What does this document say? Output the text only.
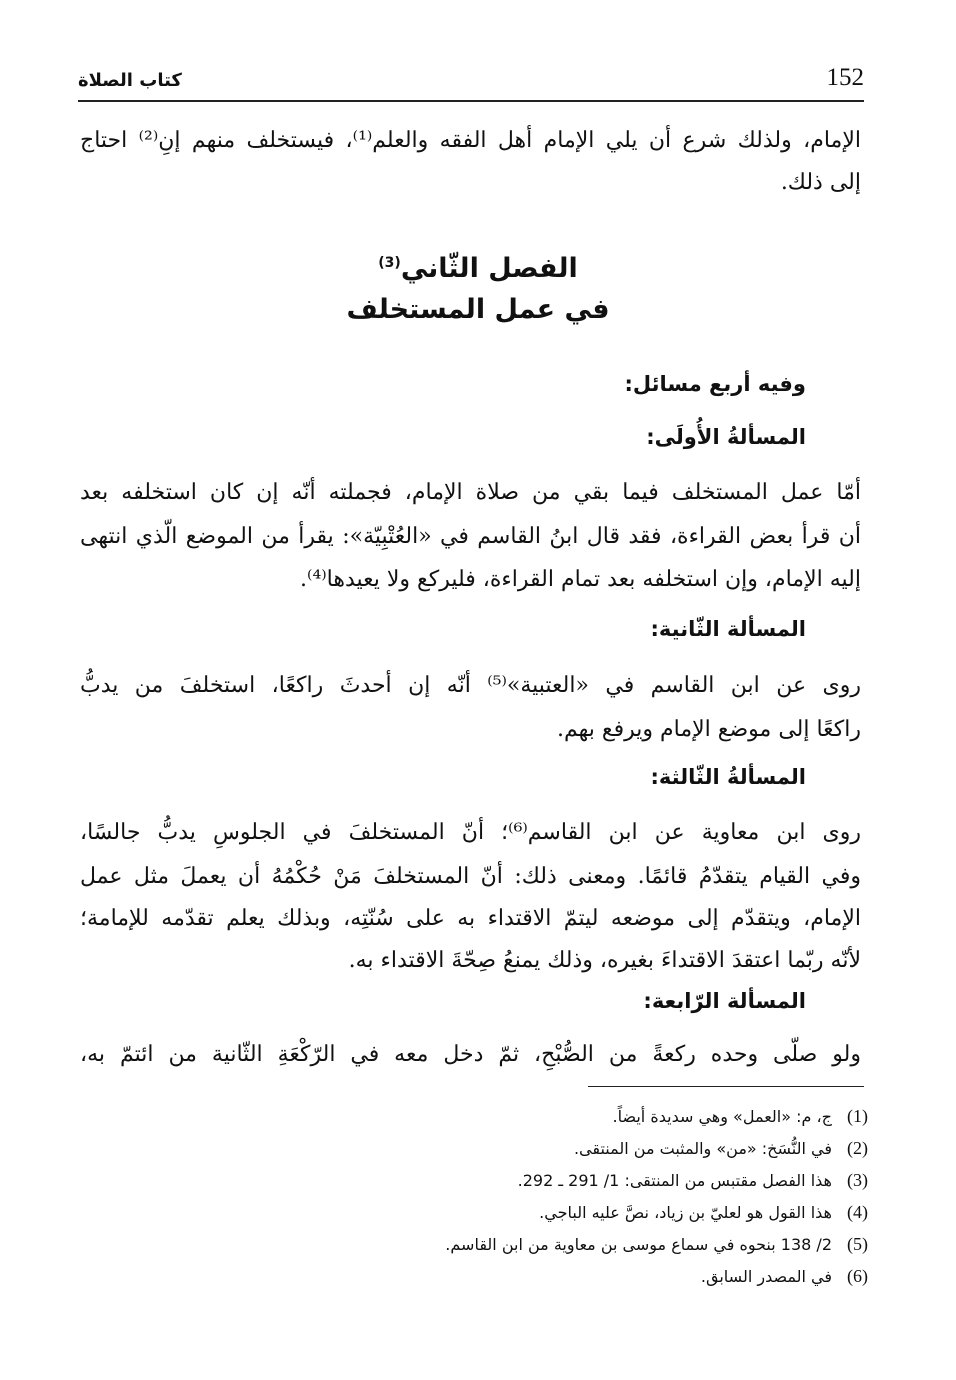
152
كتاب الصلاة
الإمام، ولذلك شرع أن يلي الإمام أهل الفقه والعلم⁽¹⁾، فيستخلف منهم إنِ⁽²⁾ احتاج
إلى ذلك.
الفصل الثّاني$^{(3)}$
في عمل المستخلف
وفيه أربع مسائل:
المسألةُ الأُولَى:
أمّا عمل المستخلف فيما بقي من صلاة الإمام، فجملته أنّه إن كان استخلفه بعد
أن قرأ بعض القراءة، فقد قال ابنُ القاسم في «العُتْبِيّة»: يقرأ من الموضع الّذي انتهى
إليه الإمام، وإن استخلفه بعد تمام القراءة، فليركع ولا يعيدها⁽⁴⁾.
المسألة الثّانية:
روى عن ابن القاسم في «العتبية»⁽⁵⁾ أنّه إن أحدثَ راكعًا، استخلفَ من يدبُّ
راكعًا إلى موضع الإمام ويرفع بهم.
المسألةُ الثّالثة:
روى ابن معاوية عن ابن القاسم⁽⁶⁾؛ أنّ المستخلفَ في الجلوسِ يدبُّ جالسًا،
وفي القيام يتقدّمُ قائمًا. ومعنى ذلك: أنّ المستخلفَ مَنْ حُكْمُهُ أن يعملَ مثل عمل
الإمام، ويتقدّم إلى موضعه ليتمّ الاقتداء به على سُنّتِه، وبذلك يعلم تقدّمه للإمامة؛
لأنّه ربّما اعتقدَ الاقتداءَ بغيره، وذلك يمنعُ صِحّةَ الاقتداء به.
المسألة الرّابعة:
ولو صلّى وحده ركعةً من الصُّبْحِ، ثمّ دخل معه في الرّكْعَةِ الثّانية من ائتمّ به،
(1)ج، م: «العمل» وهي سديدة أيضاً.
(2)في النُّسَخ: «من» والمثبت من المنتقى.
(3)هذا الفصل مقتبس من المنتقى: 1/ 291 ـ 292.
(4)هذا القول هو لعليّ بن زياد، نصَّ عليه الباجي.
(5)2/ 138 بنحوه في سماع موسى بن معاوية من ابن القاسم.
(6)في المصدر السابق.
